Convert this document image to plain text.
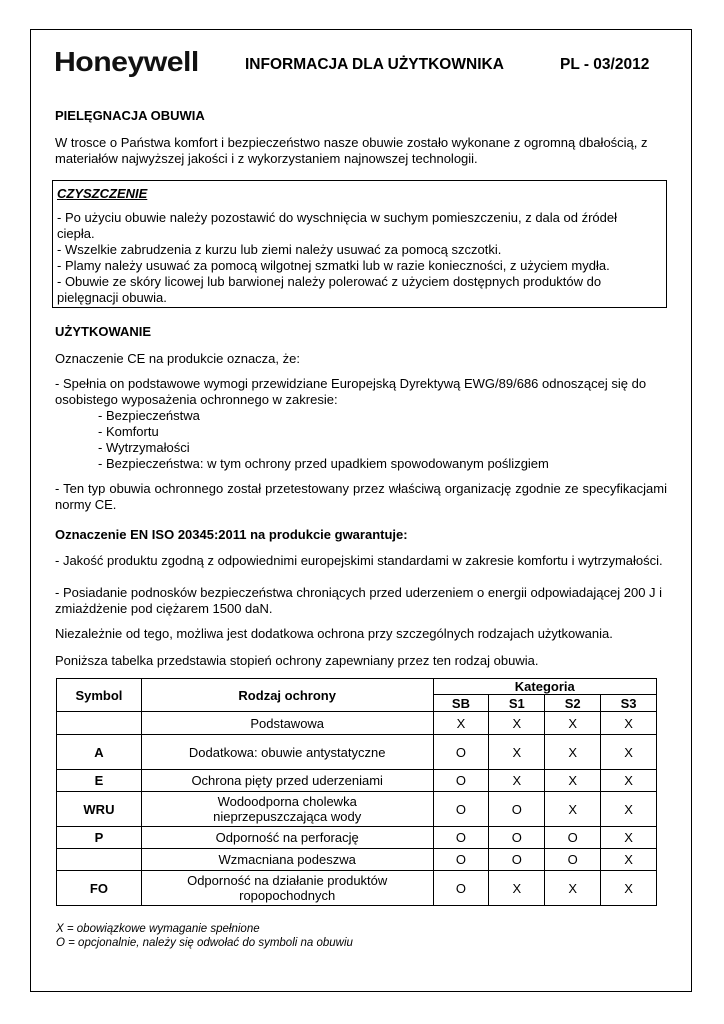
Honeywell	INFORMACJA DLA UŻYTKOWNIKA	PL - 03/2012
PIELĘGNACJA OBUWIA
W trosce o Państwa komfort i bezpieczeństwo nasze obuwie zostało wykonane z ogromną dbałością, z materiałów najwyższej jakości i z wykorzystaniem najnowszej technologii.
CZYSZCZENIE
- Po użyciu obuwie należy pozostawić do wyschnięcia w suchym pomieszczeniu, z dala od źródeł ciepła.
- Wszelkie zabrudzenia z kurzu lub ziemi należy usuwać za pomocą szczotki.
- Plamy należy usuwać za pomocą wilgotnej szmatki lub w razie konieczności, z użyciem mydła.
- Obuwie ze skóry licowej lub barwionej należy polerować z użyciem dostępnych produktów do pielęgnacji obuwia.
UŻYTKOWANIE
Oznaczenie CE na produkcie oznacza, że:
- Spełnia on podstawowe wymogi przewidziane Europejską Dyrektywą EWG/89/686 odnoszącej się do osobistego wyposażenia ochronnego w zakresie:
- Bezpieczeństwa
- Komfortu
- Wytrzymałości
- Bezpieczeństwa: w tym ochrony przed upadkiem spowodowanym poślizgiem
- Ten typ obuwia ochronnego został przetestowany przez właściwą organizację zgodnie ze specyfikacjami normy CE.
Oznaczenie EN ISO 20345:2011 na produkcie gwarantuje:
- Jakość produktu zgodną z odpowiednimi europejskimi standardami w zakresie komfortu i wytrzymałości.
- Posiadanie podnosków bezpieczeństwa chroniących przed uderzeniem o energii odpowiadającej 200 J i zmiażdżenie pod ciężarem 1500 daN.
Niezależnie od tego, możliwa jest dodatkowa ochrona przy szczególnych rodzajach użytkowania.
Poniższa tabelka przedstawia stopień ochrony zapewniany przez ten rodzaj obuwia.
Symbol	Rodzaj ochrony	Kategoria			
		SB	S1	S2	S3
	Podstawowa	X	X	X	X
A	Dodatkowa: obuwie antystatyczne	O	X	X	X
E	Ochrona pięty przed uderzeniami	O	X	X	X
WRU	Wodoodporna cholewka nieprzepuszczająca wody	O	O	X	X
P	Odporność na perforację	O	O	O	X
	Wzmacniana podeszwa	O	O	O	X
FO	Odporność na działanie produktów ropopochodnych	O	X	X	X
X = obowiązkowe wymaganie spełnione
O = opcjonalnie, należy się odwołać do symboli na obuwiu
